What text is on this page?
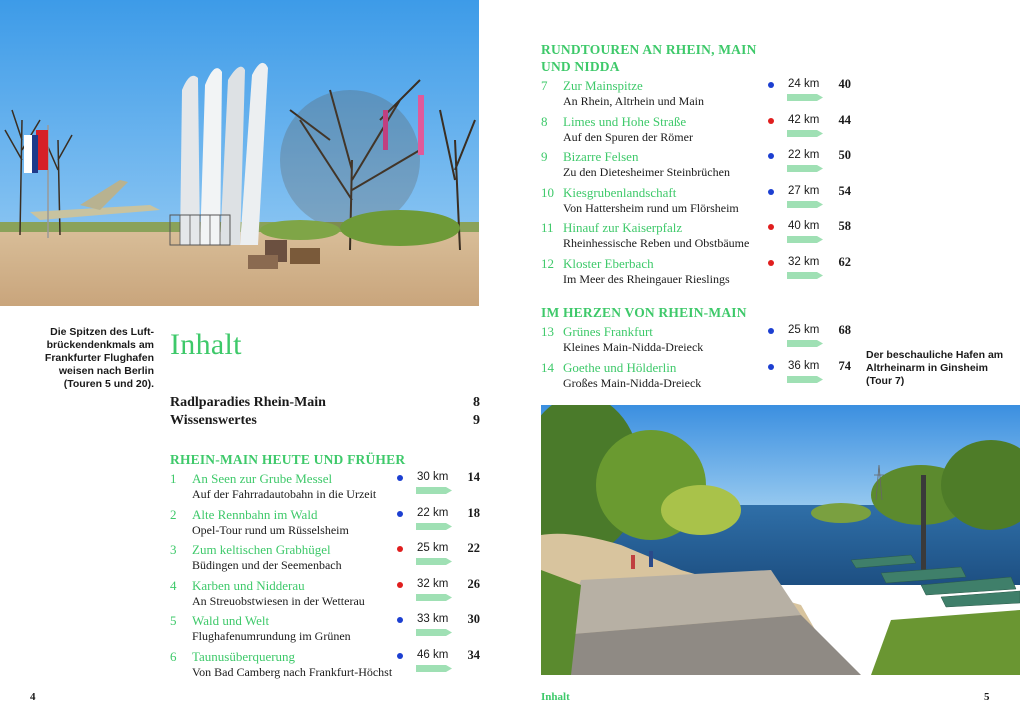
Die Spitzen des Luft-
brückendenkmals am
Frankfurter Flughafen
weisen nach Berlin
(Touren 5 und 20).
Der beschauliche Hafen am
Altrheinarm in Ginsheim
(Tour 7)
Inhalt
Radlparadies Rhein-Main	8
Wissenswertes	9
RHEIN-MAIN HEUTE UND FRÜHER
1 An Seen zur Grube Messel
Auf der Fahrradautobahn in die Urzeit
30 km	14
2 Alte Rennbahn im Wald
Opel-Tour rund um Rüsselsheim
22 km	18
3 Zum keltischen Grabhügel
Büdingen und der Seemenbach
25 km	22
4 Karben und Nidderau
An Streuobstwiesen in der Wetterau
32 km	26
5 Wald und Welt
Flughafenumrundung im Grünen
33 km	30
6 Taunusüberquerung
Von Bad Camberg nach Frankfurt-Höchst
46 km	34
RUNDTOUREN AN RHEIN, MAIN
UND NIDDA
7 Zur Mainspitze
An Rhein, Altrhein und Main
24 km	40
8 Limes und Hohe Straße
Auf den Spuren der Römer
42 km	44
9 Bizarre Felsen
Zu den Dietesheimer Steinbrüchen
22 km	50
10 Kiesgrubenlandschaft
Von Hattersheim rund um Flörsheim
27 km	54
11 Hinauf zur Kaiserpfalz
Rheinhessische Reben und Obstbäume
40 km	58
12 Kloster Eberbach
Im Meer des Rheingauer Rieslings
32 km	62
IM HERZEN VON RHEIN-MAIN
13 Grünes Frankfurt
Kleines Main-Nidda-Dreieck
25 km	68
14 Goethe und Hölderlin
Großes Main-Nidda-Dreieck
36 km	74
4	Inhalt	5
